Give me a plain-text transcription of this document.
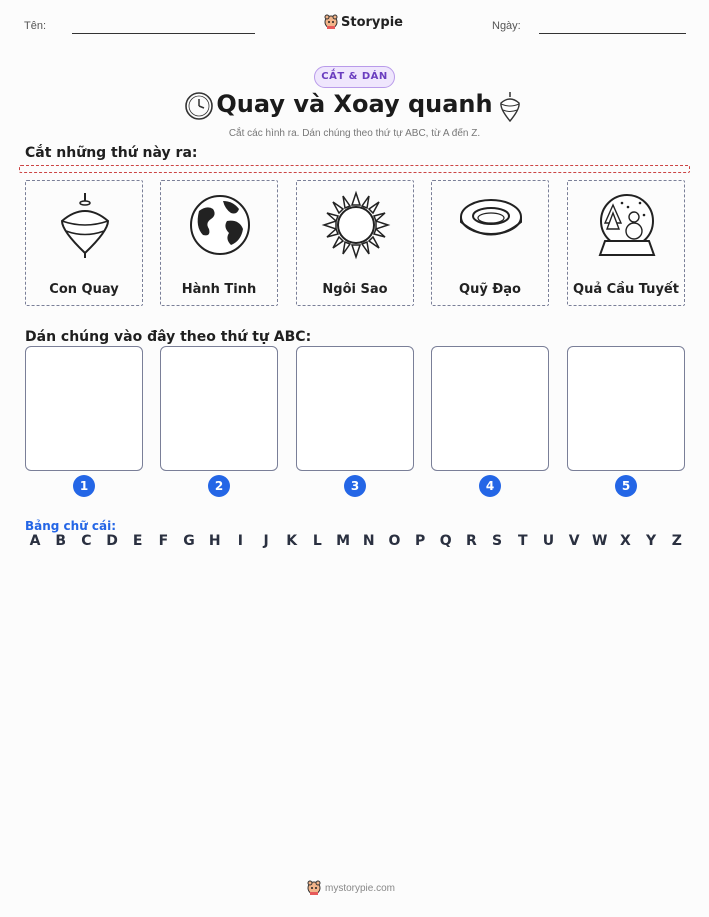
Tên:	Storypie	Ngày:
CẮT & DÁN
Quay và Xoay quanh
Cắt các hình ra. Dán chúng theo thứ tự ABC, từ A đến Z.
Cắt những thứ này ra:
Con Quay	Hành Tinh	Ngôi Sao	Quỹ Đạo	Quả Cầu Tuyết
Dán chúng vào đây theo thứ tự ABC:
1	2	3	4	5
Bảng chữ cái:
A B C D	E	F	G H	I	J	K	L	M N O P Q R S	T	U V W X Y Z
mystorypie.com
